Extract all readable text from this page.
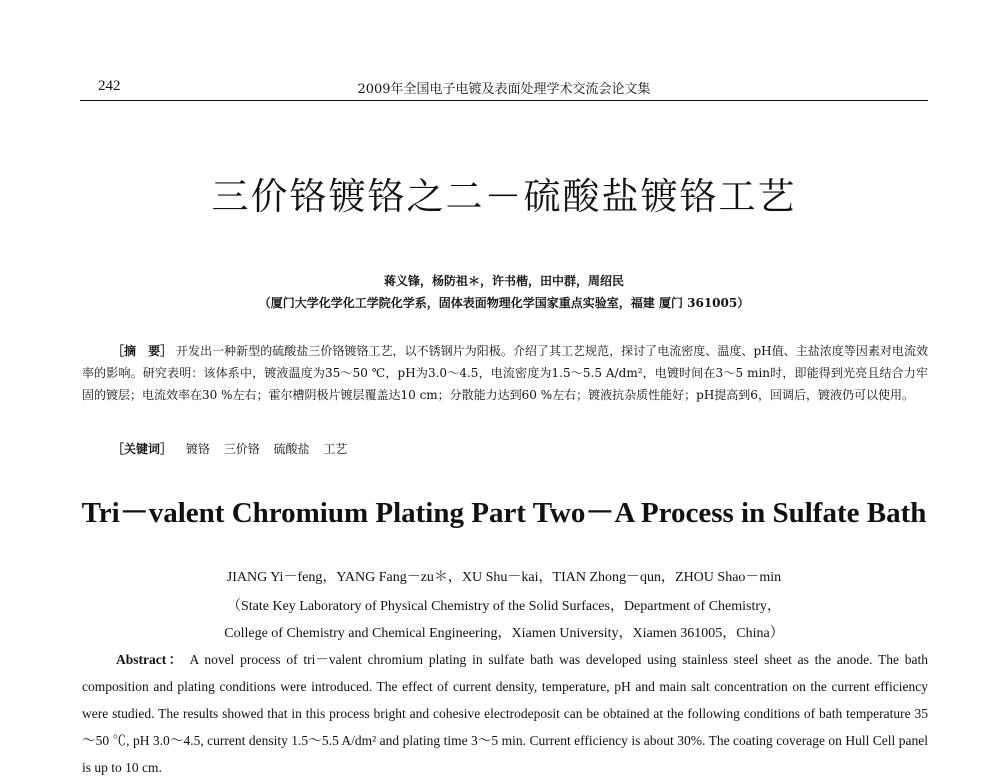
242	2009年全国电子电镀及表面处理学术交流会论文集
三价铬镀铬之二－硫酸盐镀铬工艺
蒋义锋，杨防祖＊，许书楷，田中群，周绍民
（厦门大学化学化工学院化学系，固体表面物理化学国家重点实验室，福建 厦门 361005）
［摘　要］ 开发出一种新型的硫酸盐三价铬镀铬工艺，以不锈钢片为阳极。介绍了其工艺规范，探讨了电流密度、温度、pH值、主盐浓度等因素对电流效率的影响。研究表明：该体系中，镀液温度为35～50 ℃，pH为3.0～4.5，电流密度为1.5～5.5 A/dm²，电镀时间在3～5 min时，即能得到光亮且结合力牢固的镀层；电流效率在30 %左右；霍尔槽阴极片镀层覆盖达10 cm；分散能力达到60 %左右；镀液抗杂质性能好；pH提高到6，回调后，镀液仍可以使用。
［关键词］ 镀铬 三价铬 硫酸盐 工艺
Tri－valent Chromium Plating Part Two－A Process in Sulfate Bath
JIANG Yi－feng，YANG Fang－zu＊，XU Shu－kai，TIAN Zhong－qun，ZHOU Shao－min
（State Key Laboratory of Physical Chemistry of the Solid Surfaces，Department of Chemistry，
College of Chemistry and Chemical Engineering，Xiamen University，Xiamen 361005，China）
Abstract： A novel process of tri－valent chromium plating in sulfate bath was developed using stainless steel sheet as the anode. The bath composition and plating conditions were introduced. The effect of current density, temperature, pH and main salt concentration on the current efficiency were studied. The results showed that in this process bright and cohesive electrodeposit can be obtained at the following conditions of bath temperature 35～50 ℃, pH 3.0～4.5, current density 1.5～5.5 A/dm² and plating time 3～5 min. Current efficiency is about 30%. The coating coverage on Hull Cell panel is up to 10 cm.
